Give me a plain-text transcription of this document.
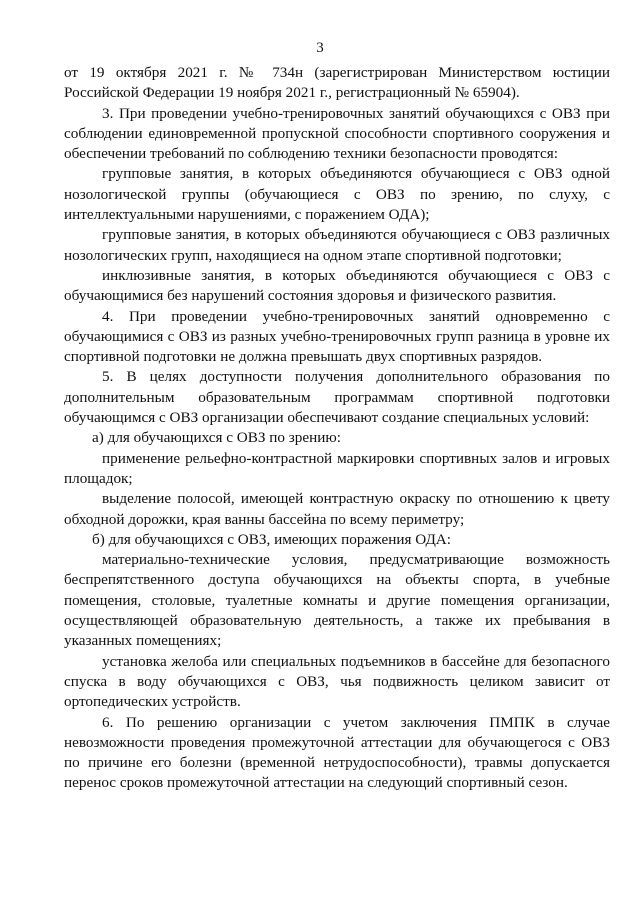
3

от 19 октября 2021 г. № 734н (зарегистрирован Министерством юстиции Российской Федерации 19 ноября 2021 г., регистрационный № 65904).

3. При проведении учебно-тренировочных занятий обучающихся с ОВЗ при соблюдении единовременной пропускной способности спортивного сооружения и обеспечении требований по соблюдению техники безопасности проводятся:

групповые занятия, в которых объединяются обучающиеся с ОВЗ одной нозологической группы (обучающиеся с ОВЗ по зрению, по слуху, с интеллектуальными нарушениями, с поражением ОДА);

групповые занятия, в которых объединяются обучающиеся с ОВЗ различных нозологических групп, находящиеся на одном этапе спортивной подготовки;

инклюзивные занятия, в которых объединяются обучающиеся с ОВЗ с обучающимися без нарушений состояния здоровья и физического развития.

4. При проведении учебно-тренировочных занятий одновременно с обучающимися с ОВЗ из разных учебно-тренировочных групп разница в уровне их спортивной подготовки не должна превышать двух спортивных разрядов.

5. В целях доступности получения дополнительного образования по дополнительным образовательным программам спортивной подготовки обучающимся с ОВЗ организации обеспечивают создание специальных условий:

а) для обучающихся с ОВЗ по зрению:

применение рельефно-контрастной маркировки спортивных залов и игровых площадок;

выделение полосой, имеющей контрастную окраску по отношению к цвету обходной дорожки, края ванны бассейна по всему периметру;

б) для обучающихся с ОВЗ, имеющих поражения ОДА:

материально-технические условия, предусматривающие возможность беспрепятственного доступа обучающихся на объекты спорта, в учебные помещения, столовые, туалетные комнаты и другие помещения организации, осуществляющей образовательную деятельность, а также их пребывания в указанных помещениях;

установка желоба или специальных подъемников в бассейне для безопасного спуска в воду обучающихся с ОВЗ, чья подвижность целиком зависит от ортопедических устройств.

6. По решению организации с учетом заключения ПМПК в случае невозможности проведения промежуточной аттестации для обучающегося с ОВЗ по причине его болезни (временной нетрудоспособности), травмы допускается перенос сроков промежуточной аттестации на следующий спортивный сезон.
